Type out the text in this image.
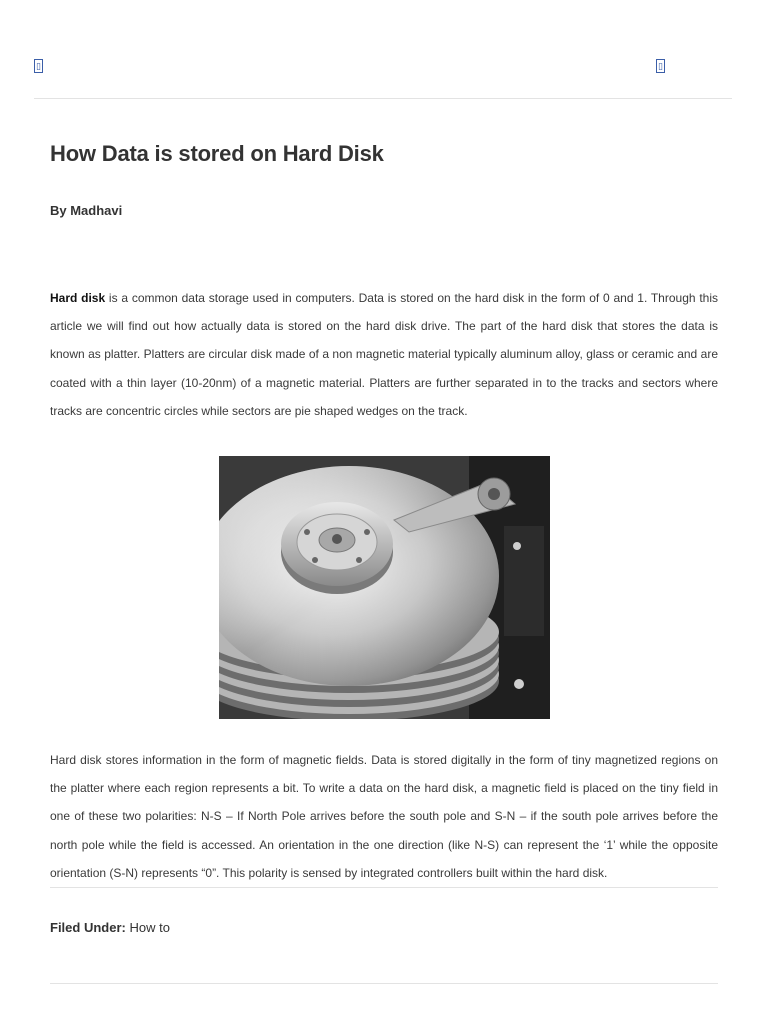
▯	▯
How Data is stored on Hard Disk
By Madhavi

Hard disk is a common data storage used in computers. Data is stored on the hard disk in the form of 0 and 1. Through this article we will find out how actually data is stored on the hard disk drive. The part of the hard disk that stores the data is known as platter. Platters are circular disk made of a non magnetic material typically aluminum alloy, glass or ceramic and are coated with a thin layer (10-20nm) of a magnetic material. Platters are further separated in to the tracks and sectors where tracks are concentric circles while sectors are pie shaped wedges on the track.

Hard disk stores information in the form of magnetic fields. Data is stored digitally in the form of tiny magnetized regions on the platter where each region represents a bit. To write a data on the hard disk, a magnetic field is placed on the tiny field in one of these two polarities: N-S – If North Pole arrives before the south pole and S-N – if the south pole arrives before the north pole while the field is accessed. An orientation in the one direction (like N-S) can represent the ‘1’ while the opposite orientation (S-N) represents “0”. This polarity is sensed by integrated controllers built within the hard disk.

Filed Under: How to
